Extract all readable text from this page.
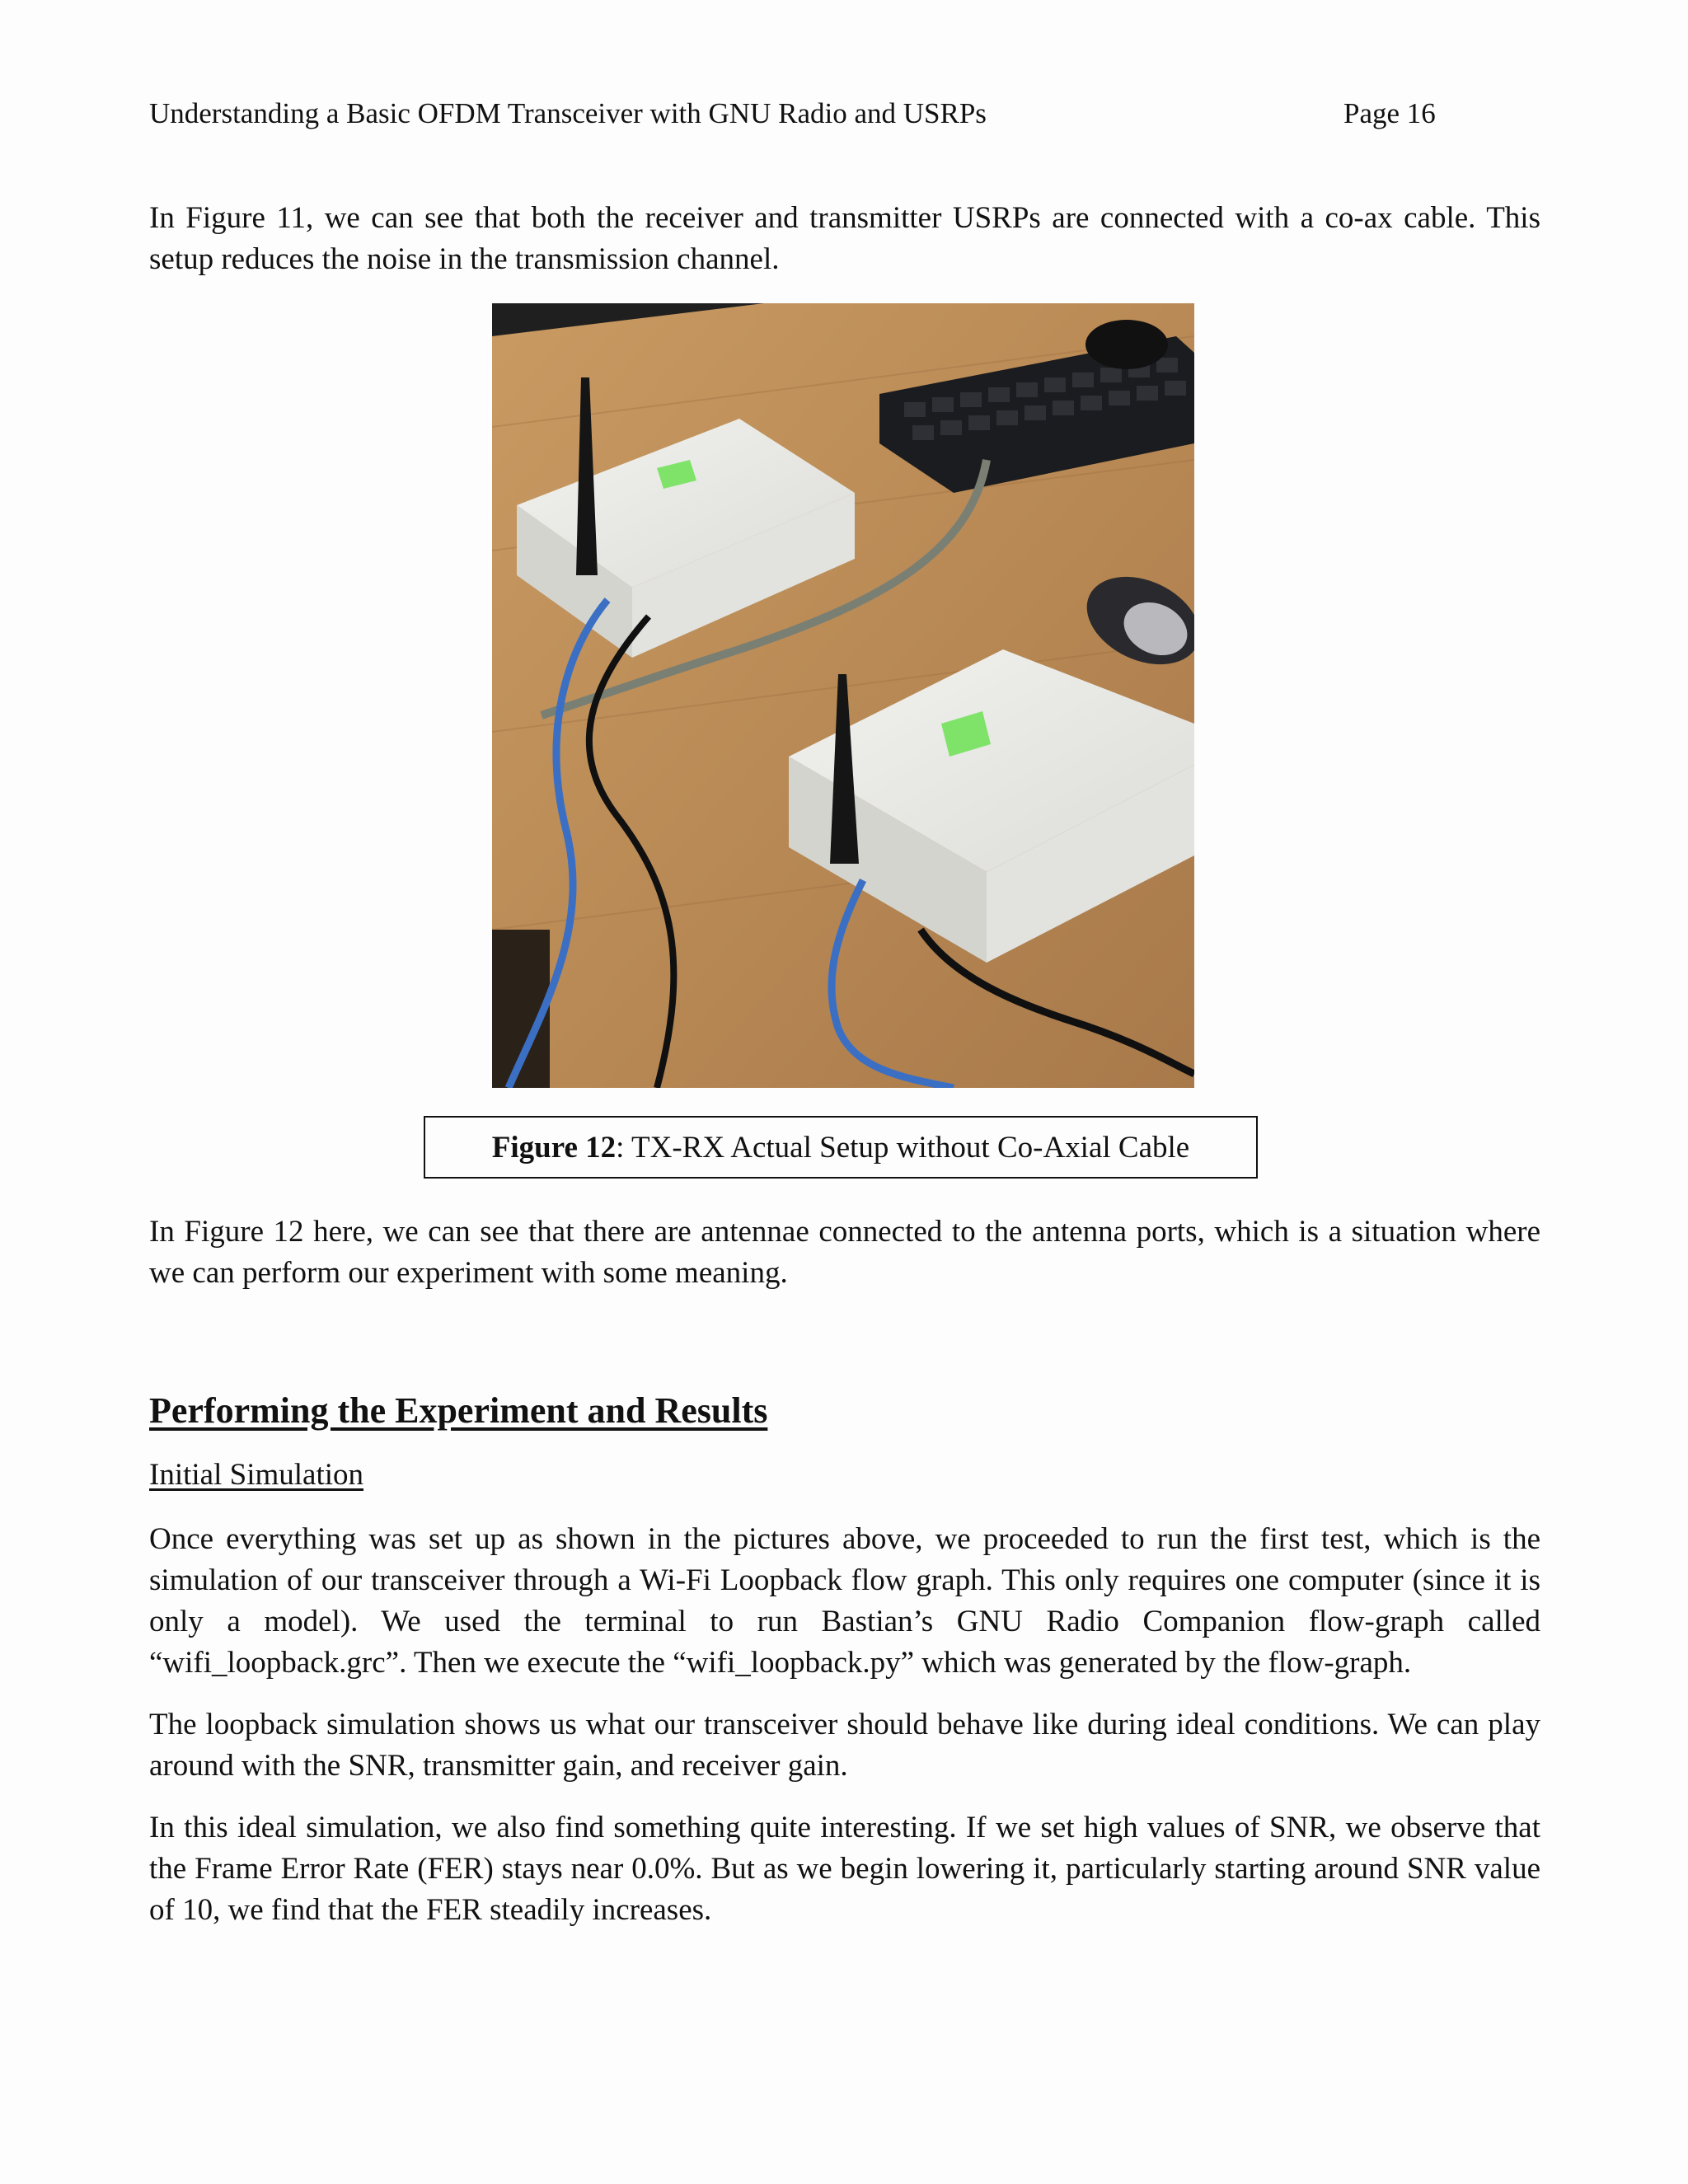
Understanding a Basic OFDM Transceiver with GNU Radio and USRPs	Page 16

In Figure 11, we can see that both the receiver and transmitter USRPs are connected with a co-ax cable. This setup reduces the noise in the transmission channel.

Figure 12: TX-RX Actual Setup without Co-Axial Cable

In Figure 12 here, we can see that there are antennae connected to the antenna ports, which is a situation where we can perform our experiment with some meaning.

Performing the Experiment and Results
Initial Simulation

Once everything was set up as shown in the pictures above, we proceeded to run the first test, which is the simulation of our transceiver through a Wi-Fi Loopback flow graph. This only requires one computer (since it is only a model). We used the terminal to run Bastian’s GNU Radio Companion flow-graph called “wifi_loopback.grc”. Then we execute the “wifi_loopback.py” which was generated by the flow-graph.

The loopback simulation shows us what our transceiver should behave like during ideal conditions. We can play around with the SNR, transmitter gain, and receiver gain.

In this ideal simulation, we also find something quite interesting. If we set high values of SNR, we observe that the Frame Error Rate (FER) stays near 0.0%. But as we begin lowering it, particularly starting around SNR value of 10, we find that the FER steadily increases.
